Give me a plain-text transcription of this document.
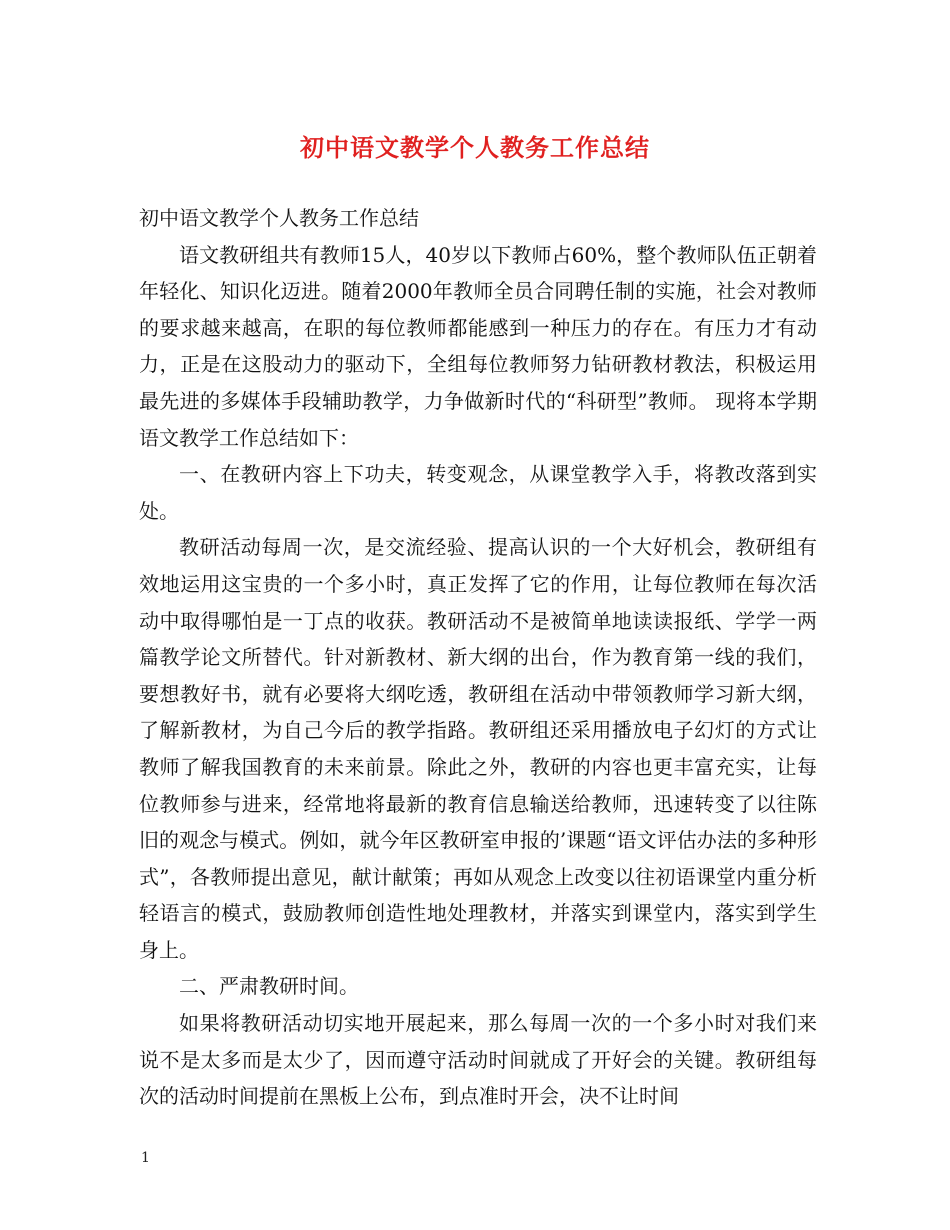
初中语文教学个人教务工作总结

初中语文教学个人教务工作总结

语文教研组共有教师15人，40岁以下教师占60%，整个教师队伍正朝着年轻化、知识化迈进。随着2000年教师全员合同聘任制的实施，社会对教师的要求越来越高，在职的每位教师都能感到一种压力的存在。有压力才有动力，正是在这股动力的驱动下，全组每位教师努力钻研教材教法，积极运用最先进的多媒体手段辅助教学，力争做新时代的“科研型”教师。 现将本学期语文教学工作总结如下：

一、在教研内容上下功夫，转变观念，从课堂教学入手，将教改落到实处。

教研活动每周一次，是交流经验、提高认识的一个大好机会，教研组有效地运用这宝贵的一个多小时，真正发挥了它的作用，让每位教师在每次活动中取得哪怕是一丁点的收获。教研活动不是被简单地读读报纸、学学一两篇教学论文所替代。针对新教材、新大纲的出台，作为教育第一线的我们，要想教好书，就有必要将大纲吃透，教研组在活动中带领教师学习新大纲，了解新教材，为自己今后的教学指路。教研组还采用播放电子幻灯的方式让教师了解我国教育的未来前景。除此之外，教研的内容也更丰富充实，让每位教师参与进来，经常地将最新的教育信息输送给教师，迅速转变了以往陈旧的观念与模式。例如，就今年区教研室申报的’课题“语文评估办法的多种形式”，各教师提出意见，献计献策；再如从观念上改变以往初语课堂内重分析轻语言的模式，鼓励教师创造性地处理教材，并落实到课堂内，落实到学生身上。

二、严肃教研时间。

如果将教研活动切实地开展起来，那么每周一次的一个多小时对我们来说不是太多而是太少了，因而遵守活动时间就成了开好会的关键。教研组每次的活动时间提前在黑板上公布，到点准时开会，决不让时间

1
